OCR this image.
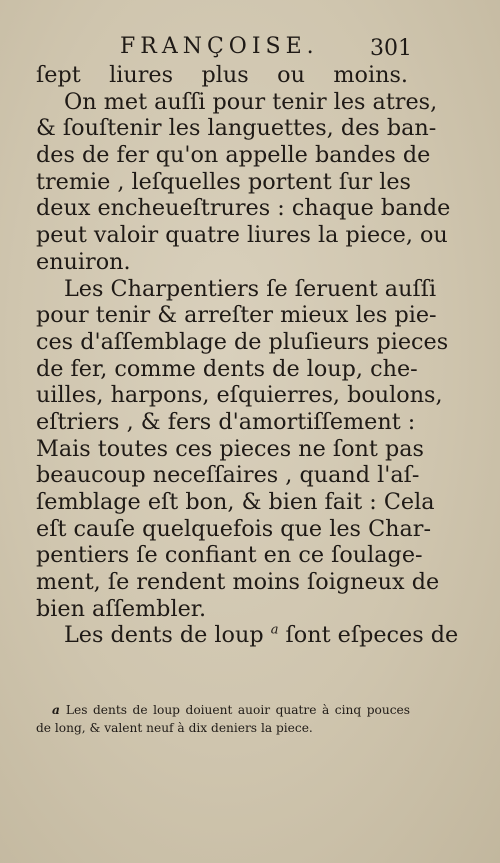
FRANÇOISE. 301
ſept liures plus ou moins.
On met auſſi pour tenir les atres,
& ſouſtenir les languettes, des ban-
des de fer qu'on appelle bandes de
tremie , leſquelles portent ſur les
deux encheueſtrures : chaque bande
peut valoir quatre liures la piece, ou
enuiron.
Les Charpentiers ſe ſeruent auſſi
pour tenir & arreſter mieux les pie-
ces d'aſſemblage de pluſieurs pieces
de fer, comme dents de loup, che-
uilles, harpons, eſquierres, boulons,
eſtriers , & fers d'amortiſſement :
Mais toutes ces pieces ne ſont pas
beaucoup neceſſaires , quand l'aſ-
ſemblage eſt bon, & bien fait : Cela
eſt cauſe quelquefois que les Char-
pentiers ſe confiant en ce ſoulage-
ment, ſe rendent moins ſoigneux de
bien aſſembler.
Les dents de loup $^a$ ſont eſpeces de
a Les dents de loup doiuent auoir quatre à cinq pouces
de long, & valent neuf à dix deniers la piece.
